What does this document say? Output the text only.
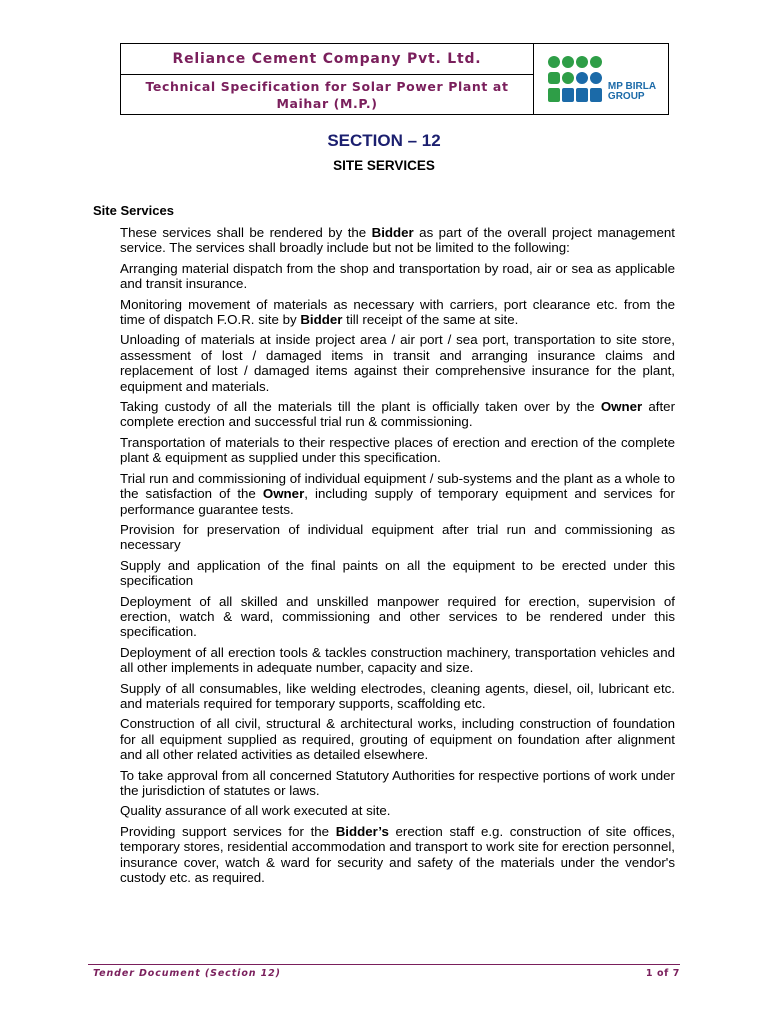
Reliance Cement Company Pvt. Ltd.
Technical Specification for Solar Power Plant at
Maihar (M.P.)
MP BIRLA
GROUP
SECTION – 12
SITE SERVICES
Site Services

These services shall be rendered by the Bidder as part of the overall project management service. The services shall broadly include but not be limited to the following:

Arranging material dispatch from the shop and transportation by road, air or sea as applicable and transit insurance.

Monitoring movement of materials as necessary with carriers, port clearance etc. from the time of dispatch F.O.R. site by Bidder till receipt of the same at site.

Unloading of materials at inside project area / air port / sea port, transportation to site store, assessment of lost / damaged items in transit and arranging insurance claims and replacement of lost / damaged items against their comprehensive insurance for the plant, equipment and materials.

Taking custody of all the materials till the plant is officially taken over by the Owner after complete erection and successful trial run & commissioning.

Transportation of materials to their respective places of erection and erection of the complete plant & equipment as supplied under this specification.

Trial run and commissioning of individual equipment / sub-systems and the plant as a whole to the satisfaction of the Owner, including supply of temporary equipment and services for performance guarantee tests.

Provision for preservation of individual equipment after trial run and commissioning as necessary

Supply and application of the final paints on all the equipment to be erected under this specification

Deployment of all skilled and unskilled manpower required for erection, supervision of erection, watch & ward, commissioning and other services to be rendered under this specification.

Deployment of all erection tools & tackles construction machinery, transportation vehicles and all other implements in adequate number, capacity and size.

Supply of all consumables, like welding electrodes, cleaning agents, diesel, oil, lubricant etc. and materials required for temporary supports, scaffolding etc.

Construction of all civil, structural & architectural works, including construction of foundation for all equipment supplied as required, grouting of equipment on foundation after alignment and all other related activities as detailed elsewhere.

To take approval from all concerned Statutory Authorities for respective portions of work under the jurisdiction of statutes or laws.

Quality assurance of all work executed at site.

Providing support services for the Bidder’s erection staff e.g. construction of site offices, temporary stores, residential accommodation and transport to work site for erection personnel, insurance cover, watch & ward for security and safety of the materials under the vendor's custody etc. as required.

Tender Document (Section 12)	1 of 7
